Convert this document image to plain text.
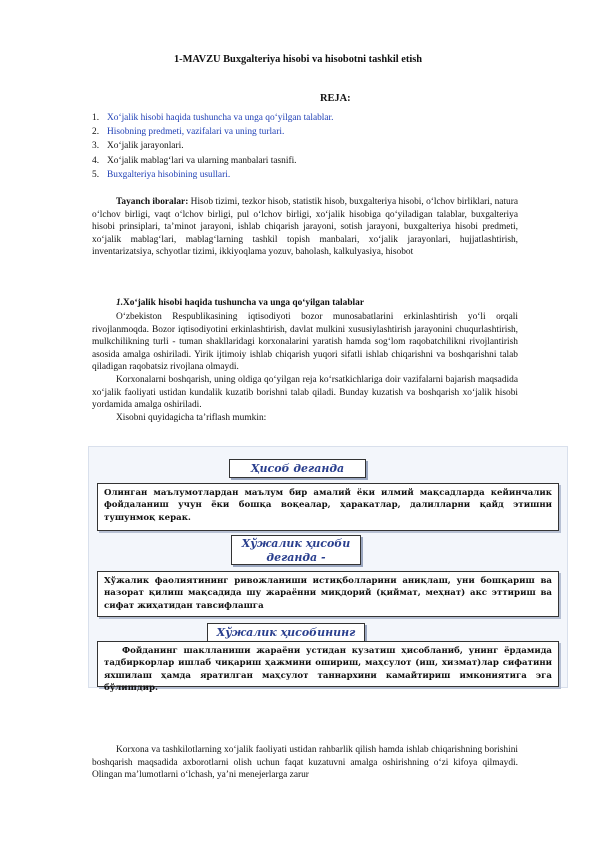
1-MAVZU Buxgalteriya hisobi va hisobotni tashkil etish
REJA:
1. Xo‘jalik hisobi haqida tushuncha va unga qo‘yilgan talablar.
2. Hisobning predmeti, vazifalari va uning turlari.
3. Xo‘jalik jarayonlari.
4. Xo‘jalik mablag‘lari va ularning manbalari tasnifi.
5. Buxgalteriya hisobining usullari.

Tayanch iboralar: Hisob tizimi, tezkor hisob, statistik hisob, buxgalteriya hisobi, o‘lchov birliklari, natura o‘lchov birligi, vaqt o‘lchov birligi, pul o‘lchov birligi, xo‘jalik hisobiga qo‘yiladigan talablar, buxgalteriya hisobi prinsiplari, ta’minot jarayoni, ishlab chiqarish jarayoni, sotish jarayoni, buxgalteriya hisobi predmeti, xo‘jalik mablag‘lari, mablag‘larning tashkil topish manbalari, xo‘jalik jarayonlari, hujjatlashtirish, inventarizatsiya, schyotlar tizimi, ikkiyoqlama yozuv, baholash, kalkulyasiya, hisobot

1.Xo‘jalik hisobi haqida tushuncha va unga qo‘yilgan talablar

O‘zbekiston Respublikasining iqtisodiyoti bozor munosabatlarini erkinlashtirish yo‘li orqali rivojlanmoqda. Bozor iqtisodiyotini erkinlashtirish, davlat mulkini xususiylashtirish jarayonini chuqurlashtirish, mulkchilikning turli - tuman shakllaridagi korxonalarini yaratish hamda sog‘lom raqobatchilikni rivojlantirish asosida amalga oshiriladi. Yirik ijtimoiy ishlab chiqarish yuqori sifatli ishlab chiqarishni va boshqarishni talab qiladigan raqobatsiz rivojlana olmaydi.

Korxonalarni boshqarish, uning oldiga qo‘yilgan reja ko‘rsatkichlariga doir vazifalarni bajarish maqsadida xo‘jalik faoliyati ustidan kundalik kuzatib borishni talab qiladi. Bunday kuzatish va boshqarish xo‘jalik hisobi yordamida amalga oshiriladi.

Xisobni quyidagicha ta’riflash mumkin:

Ҳисоб деганда
Олинган маълумотлардан маълум бир амалий ёки илмий мақсадларда кейинчалик фойдаланиш учун ёки бошқа воқеалар, ҳаракатлар, далилларни қайд этишни тушунмоқ керак.
Хўжалик ҳисоби деганда -
Хўжалик фаолиятининг ривожланиши истиқболларини аниқлаш, уни бошқариш ва назорат қилиш мақсадида шу жараённи миқдорий (қиймат, меҳнат) акс эттириш ва сифат жиҳатидан тавсифлашга
Хўжалик ҳисобининг
Фойданинг шаклланиши жараёни устидан кузатиш ҳисобланиб, унинг ёрдамида тадбиркорлар ишлаб чиқариш ҳажмини ошириш, маҳсулот (иш, хизмат)лар сифатини яхшилаш ҳамда яратилган маҳсулот таннархини камайтириш имкониятига эга бўлишдир.

Korxona va tashkilotlarning xo‘jalik faoliyati ustidan rahbarlik qilish hamda ishlab chiqarishning borishini boshqarish maqsadida axborotlarni olish uchun faqat kuzatuvni amalga oshirishning o‘zi kifoya qilmaydi. Olingan ma’lumotlarni o‘lchash, ya’ni menejerlarga zarur
